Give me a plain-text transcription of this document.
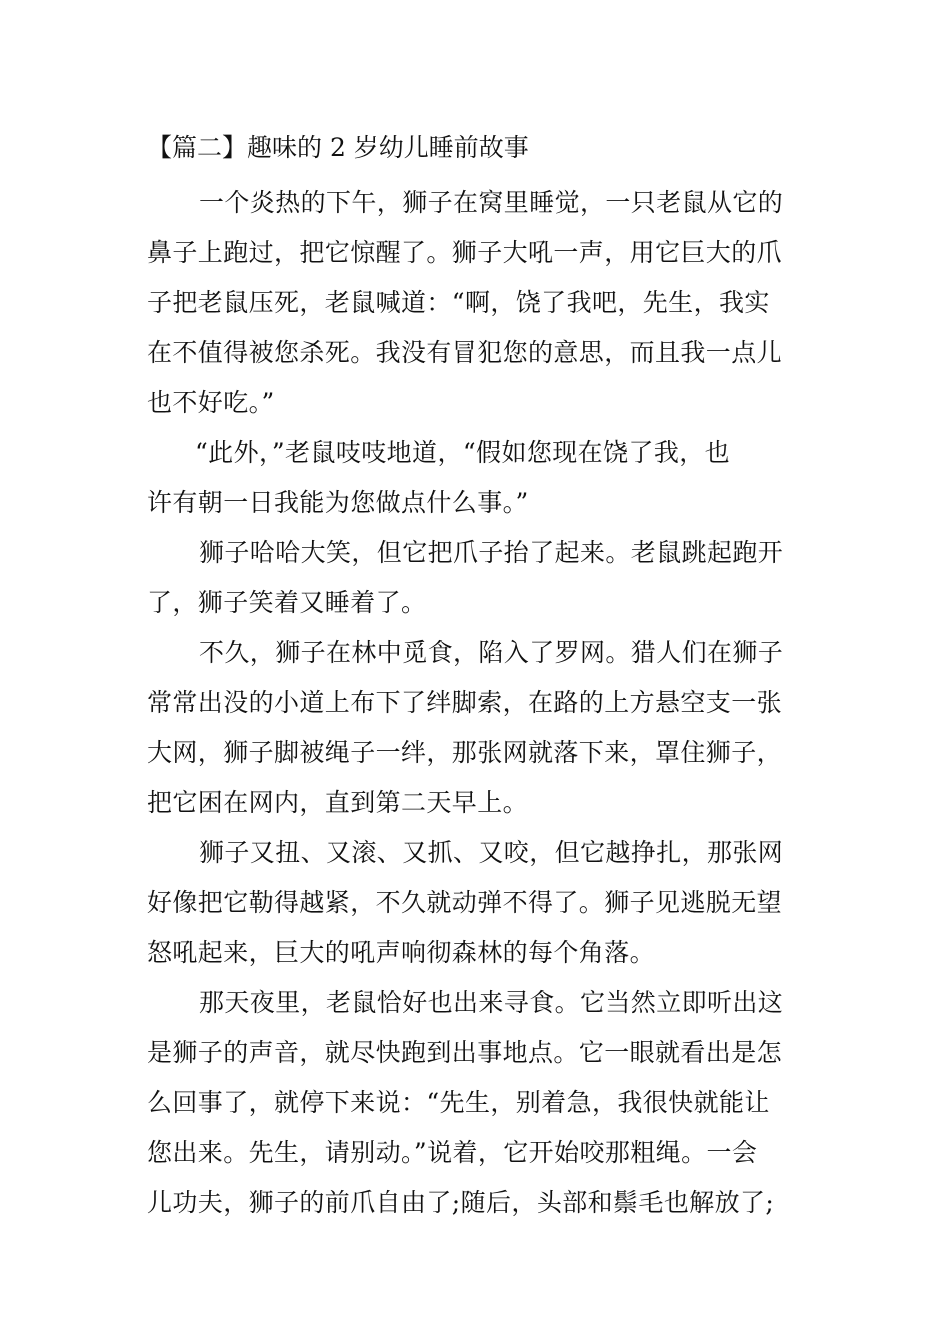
【篇二】趣味的 2 岁幼儿睡前故事
一个炎热的下午，狮子在窝里睡觉，一只老鼠从它的
鼻子上跑过，把它惊醒了。狮子大吼一声，用它巨大的爪
子把老鼠压死，老鼠喊道：“啊，饶了我吧，先生，我实
在不值得被您杀死。我没有冒犯您的意思，而且我一点儿
也不好吃。”
“此外，”老鼠吱吱地道，“假如您现在饶了我，也
许有朝一日我能为您做点什么事。”
狮子哈哈大笑，但它把爪子抬了起来。老鼠跳起跑开
了，狮子笑着又睡着了。
不久，狮子在林中觅食，陷入了罗网。猎人们在狮子
常常出没的小道上布下了绊脚索，在路的上方悬空支一张
大网，狮子脚被绳子一绊，那张网就落下来，罩住狮子，
把它困在网内，直到第二天早上。
狮子又扭、又滚、又抓、又咬，但它越挣扎，那张网
好像把它勒得越紧，不久就动弹不得了。狮子见逃脱无望
怒吼起来，巨大的吼声响彻森林的每个角落。
那天夜里，老鼠恰好也出来寻食。它当然立即听出这
是狮子的声音，就尽快跑到出事地点。它一眼就看出是怎
么回事了，就停下来说：“先生，别着急，我很快就能让
您出来。先生，请别动。”说着，它开始咬那粗绳。一会
儿功夫，狮子的前爪自由了;随后，头部和鬃毛也解放了;
